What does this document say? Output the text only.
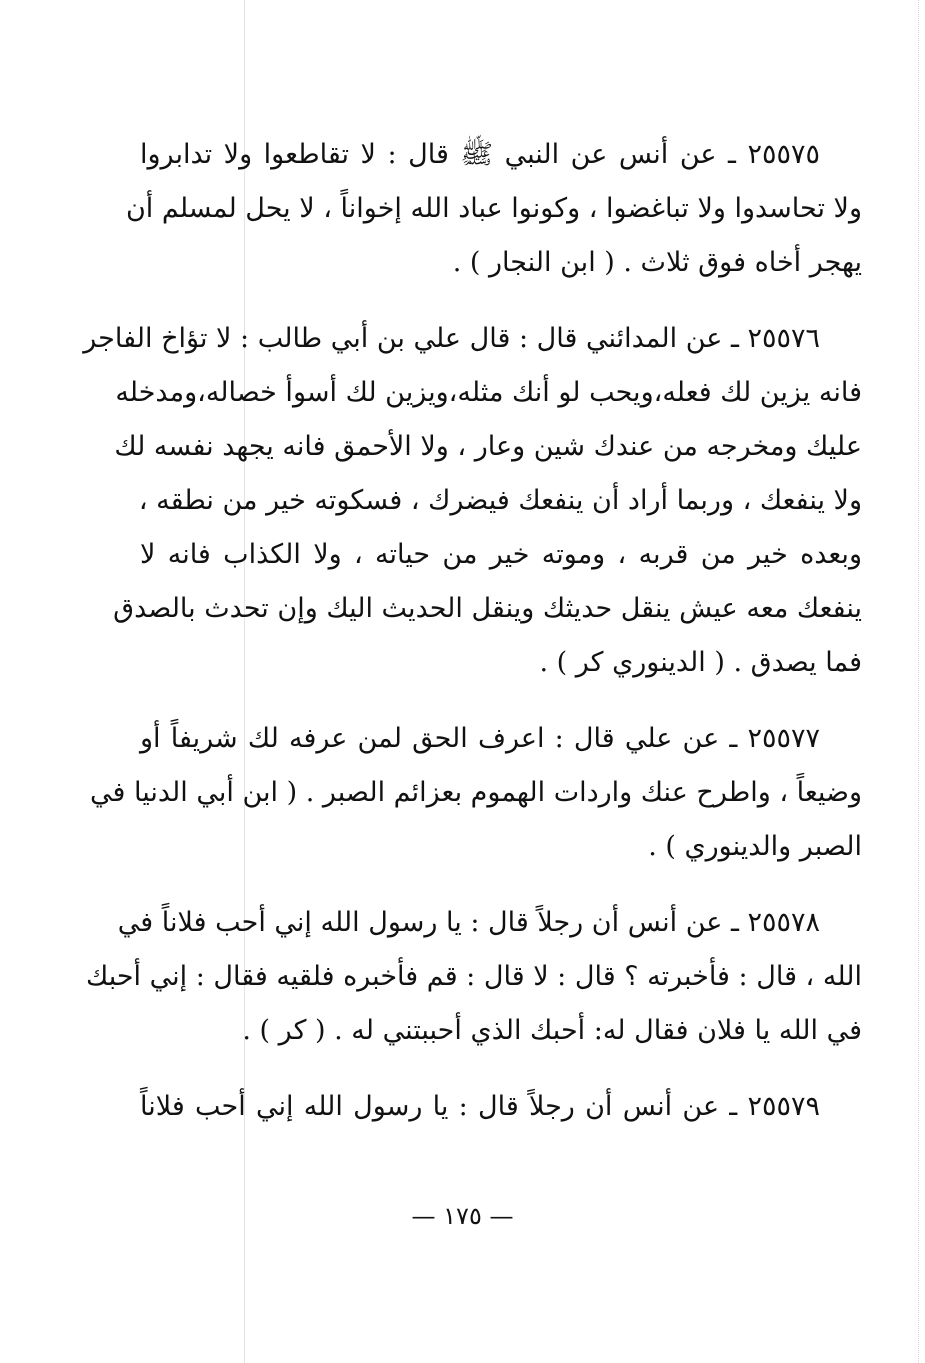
٢٥٥٧٥ ـ عن أنس عن النبي ﷺ قال : لا تقاطعوا ولا تدابروا
ولا تحاسدوا ولا تباغضوا ، وكونوا عباد الله إخواناً ، لا يحل لمسلم أن
يهجر أخاه فوق ثلاث . ( ابن النجار ) .
٢٥٥٧٦ ـ عن المدائني قال : قال علي بن أبي طالب : لا تؤاخ الفاجر
فانه يزين لك فعله،ويحب لو أنك مثله،ويزين لك أسوأ خصاله،ومدخله
عليك ومخرجه من عندك شين وعار ، ولا الأحمق فانه يجهد نفسه لك
ولا ينفعك ، وربما أراد أن ينفعك فيضرك ، فسكوته خير من نطقه ،
وبعده خير من قربه ، وموته خير من حياته ، ولا الكذاب فانه لا
ينفعك معه عيش ينقل حديثك وينقل الحديث اليك وإن تحدث بالصدق
فما يصدق . ( الدينوري كر ) .
٢٥٥٧٧ ـ عن علي قال : اعرف الحق لمن عرفه لك شريفاً أو
وضيعاً ، واطرح عنك واردات الهموم بعزائم الصبر . ( ابن أبي الدنيا في
الصبر والدينوري ) .
٢٥٥٧٨ ـ عن أنس أن رجلاً قال : يا رسول الله إني أحب فلاناً في
الله ، قال : فأخبرته ؟ قال : لا قال : قم فأخبره فلقيه فقال : إني أحبك
في الله يا فلان فقال له: أحبك الذي أحببتني له . ( كر ) .
٢٥٥٧٩ ـ عن أنس أن رجلاً قال : يا رسول الله إني أحب فلاناً
— ١٧٥ —
